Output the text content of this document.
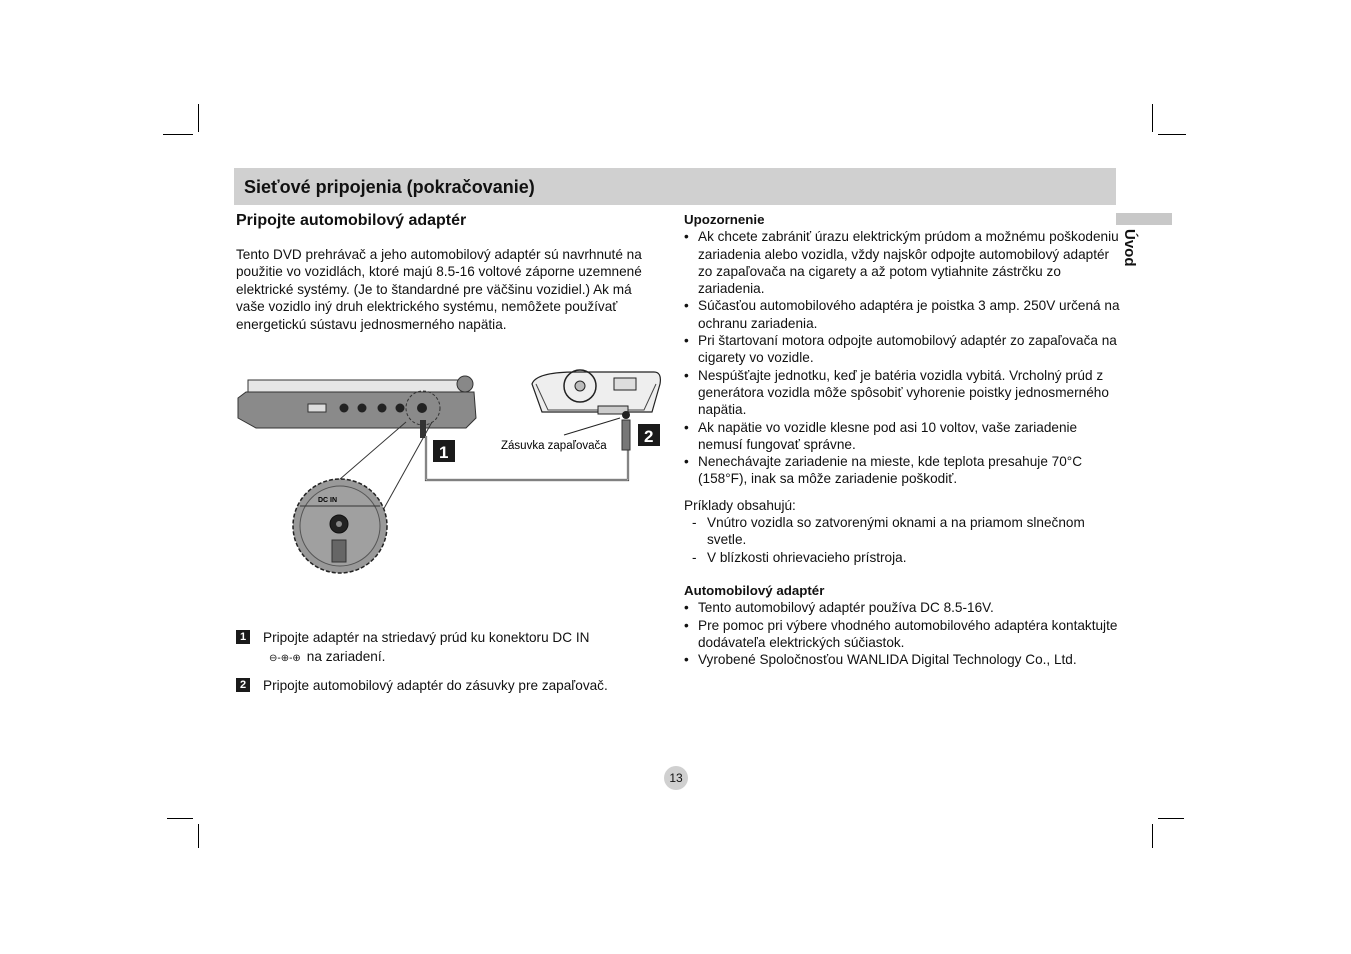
Sieťové pripojenia (pokračovanie)
Úvod

Pripojte automobilový adaptér

Tento DVD prehrávač a jeho automobilový adaptér sú navrhnuté na použitie vo vozidlách, ktoré majú 8.5-16 voltové záporne uzemnené elektrické systémy. (Je to štandardné pre väčšinu vozidiel.) Ak má vaše vozidlo iný druh elektrického systému, nemôžete používať energetickú sústavu jednosmerného napätia.

DC IN
Zásuvka zapaľovača
1
2
1 Pripojte adaptér na striedavý prúd ku konektoru DC IN
⊖-⊕-⊕ na zariadení.
2 Pripojte automobilový adaptér do zásuvky pre zapaľovač.
Upozornenie
• Ak chcete zabrániť úrazu elektrickým prúdom a možnému poškodeniu zariadenia alebo vozidla, vždy najskôr odpojte automobilový adaptér zo zapaľovača na cigarety a až potom vytiahnite zástrčku zo zariadenia.
• Súčasťou automobilového adaptéra je poistka 3 amp. 250V určená na ochranu zariadenia.
• Pri štartovaní motora odpojte automobilový adaptér zo zapaľovača na cigarety vo vozidle.
• Nespúšťajte jednotku, keď je batéria vozidla vybitá. Vrcholný prúd z generátora vozidla môže spôsobiť vyhorenie poistky jednosmerného napätia.
• Ak napätie vo vozidle klesne pod asi 10 voltov, vaše zariadenie nemusí fungovať správne.
• Nenechávajte zariadenie na mieste, kde teplota presahuje 70°C (158°F), inak sa môže zariadenie poškodiť.
Príklady obsahujú:
- Vnútro vozidla so zatvorenými oknami a na priamom slnečnom svetle.
- V blízkosti ohrievacieho prístroja.
Automobilový adaptér
• Tento automobilový adaptér používa DC 8.5-16V.
• Pre pomoc pri výbere vhodného automobilového adaptéra kontaktujte dodávateľa elektrických súčiastok.
• Vyrobené Spoločnosťou WANLIDA Digital Technology Co., Ltd.
13
